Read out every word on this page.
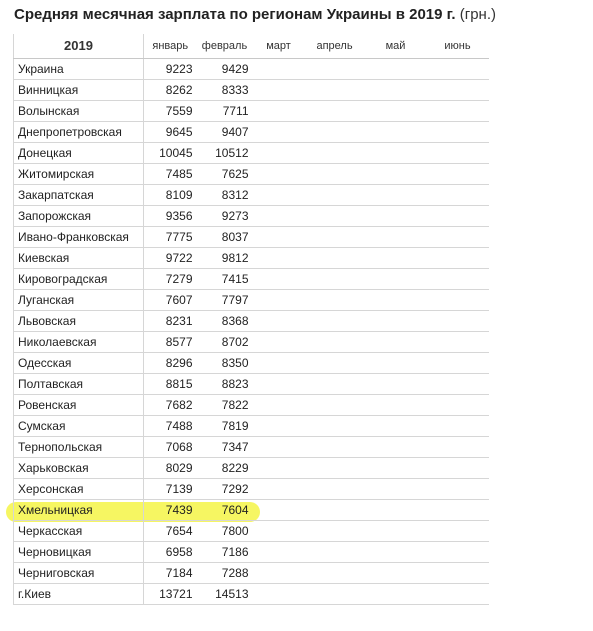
Средняя месячная зарплата по регионам Украины в 2019 г. (грн.)
2019	январь	февраль	март	апрель	май	июнь
Украина	9223	9429				
Винницкая	8262	8333				
Волынская	7559	7711				
Днепропетровская	9645	9407				
Донецкая	10045	10512				
Житомирская	7485	7625				
Закарпатская	8109	8312				
Запорожская	9356	9273				
Ивано-Франковская	7775	8037				
Киевская	9722	9812				
Кировоградская	7279	7415				
Луганская	7607	7797				
Львовская	8231	8368				
Николаевская	8577	8702				
Одесская	8296	8350				
Полтавская	8815	8823				
Ровенская	7682	7822				
Сумская	7488	7819				
Тернопольская	7068	7347				
Харьковская	8029	8229				
Херсонская	7139	7292				
Хмельницкая	7439	7604				
Черкасская	7654	7800				
Черновицкая	6958	7186				
Черниговская	7184	7288				
г.Киев	13721	14513				
